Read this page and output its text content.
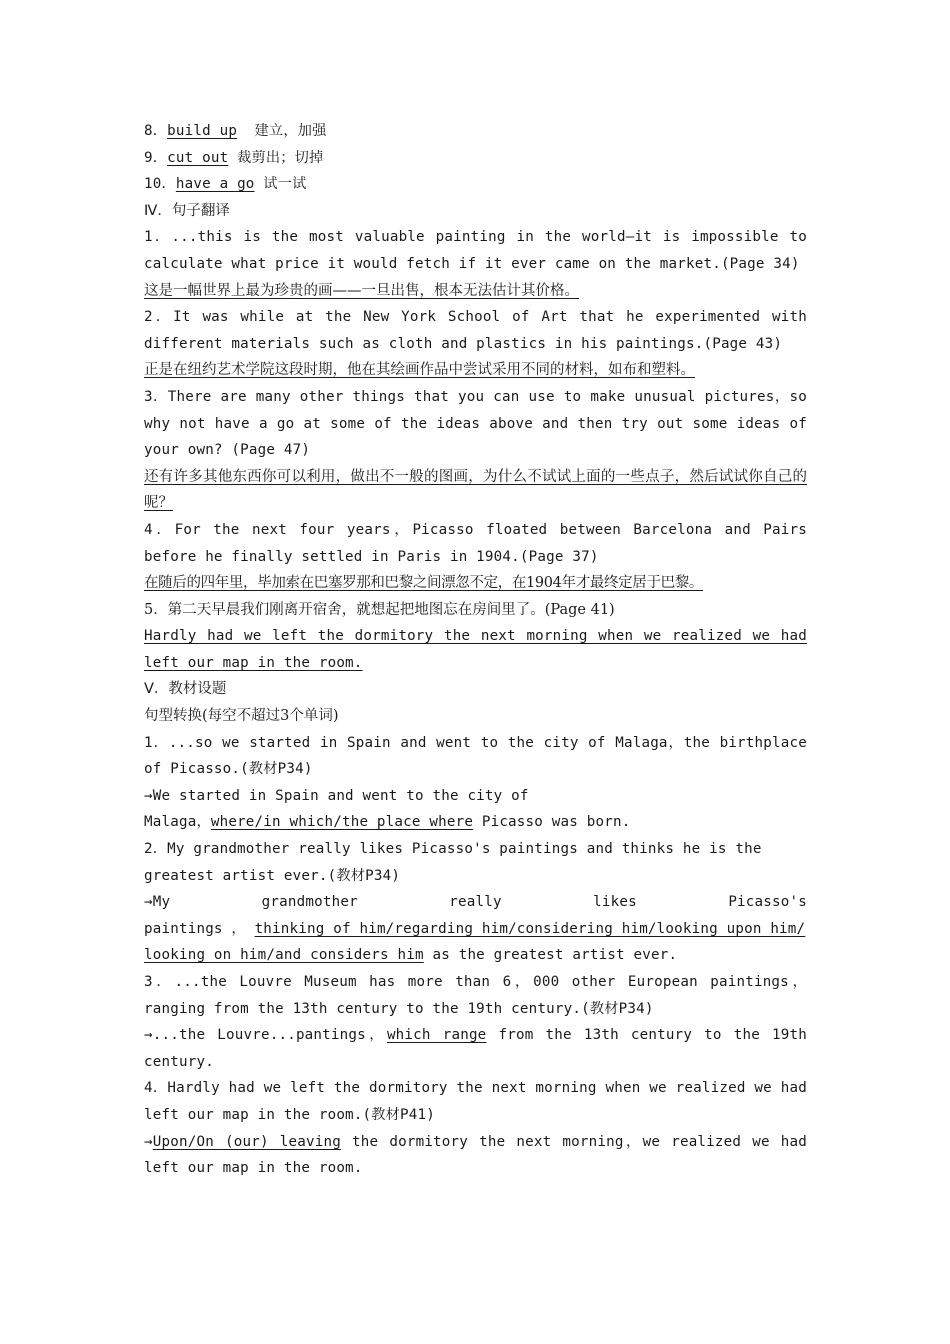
8．build up  建立，加强
9．cut out 裁剪出；切掉
10．have a go 试一试
Ⅳ．句子翻译
1．...this is the most valuable painting in the world—it is impossible to calculate what price it would fetch if it ever came on the market.(Page 34)
这是一幅世界上最为珍贵的画——一旦出售，根本无法估计其价格。
2．It was while at the New York School of Art that he experimented with different materials such as cloth and plastics in his paintings.(Page 43)
正是在纽约艺术学院这段时期，他在其绘画作品中尝试采用不同的材料，如布和塑料。
3．There are many other things that you can use to make unusual pictures，so why not have a go at some of the ideas above and then try out some ideas of your own? (Page 47)
还有许多其他东西你可以利用，做出不一般的图画，为什么不试试上面的一些点子，然后试试你自己的呢？
4．For the next four years，Picasso floated between Barcelona and Pairs before he finally settled in Paris in 1904.(Page 37)
在随后的四年里，毕加索在巴塞罗那和巴黎之间漂忽不定，在1904年才最终定居于巴黎。
5．第二天早晨我们刚离开宿舍，就想起把地图忘在房间里了。(Page 41)
Hardly had we left the dormitory the next morning when we realized we had left our map in the room.
Ⅴ．教材设题
句型转换(每空不超过3个单词)
1．...so we started in Spain and went to the city of Malaga，the birthplace of Picasso.(教材P34)
→We started in Spain and went to the city of
Malaga，where/in which/the place where Picasso was born.
2．My grandmother really likes Picasso's paintings and thinks he is the
greatest artist ever.(教材P34)
→My grandmother really likes Picasso's
paintings ， thinking of him/regarding him/considering him/looking upon him/
looking on him/and considers him as the greatest artist ever.
3．...the Louvre Museum has more than 6，000 other European paintings，ranging from the 13th century to the 19th century.(教材P34)
→...the Louvre...pantings，which range from the 13th century to the 19th century.
4．Hardly had we left the dormitory the next morning when we realized we had left our map in the room.(教材P41)
→Upon/On (our) leaving the dormitory the next morning，we realized we had left our map in the room.
